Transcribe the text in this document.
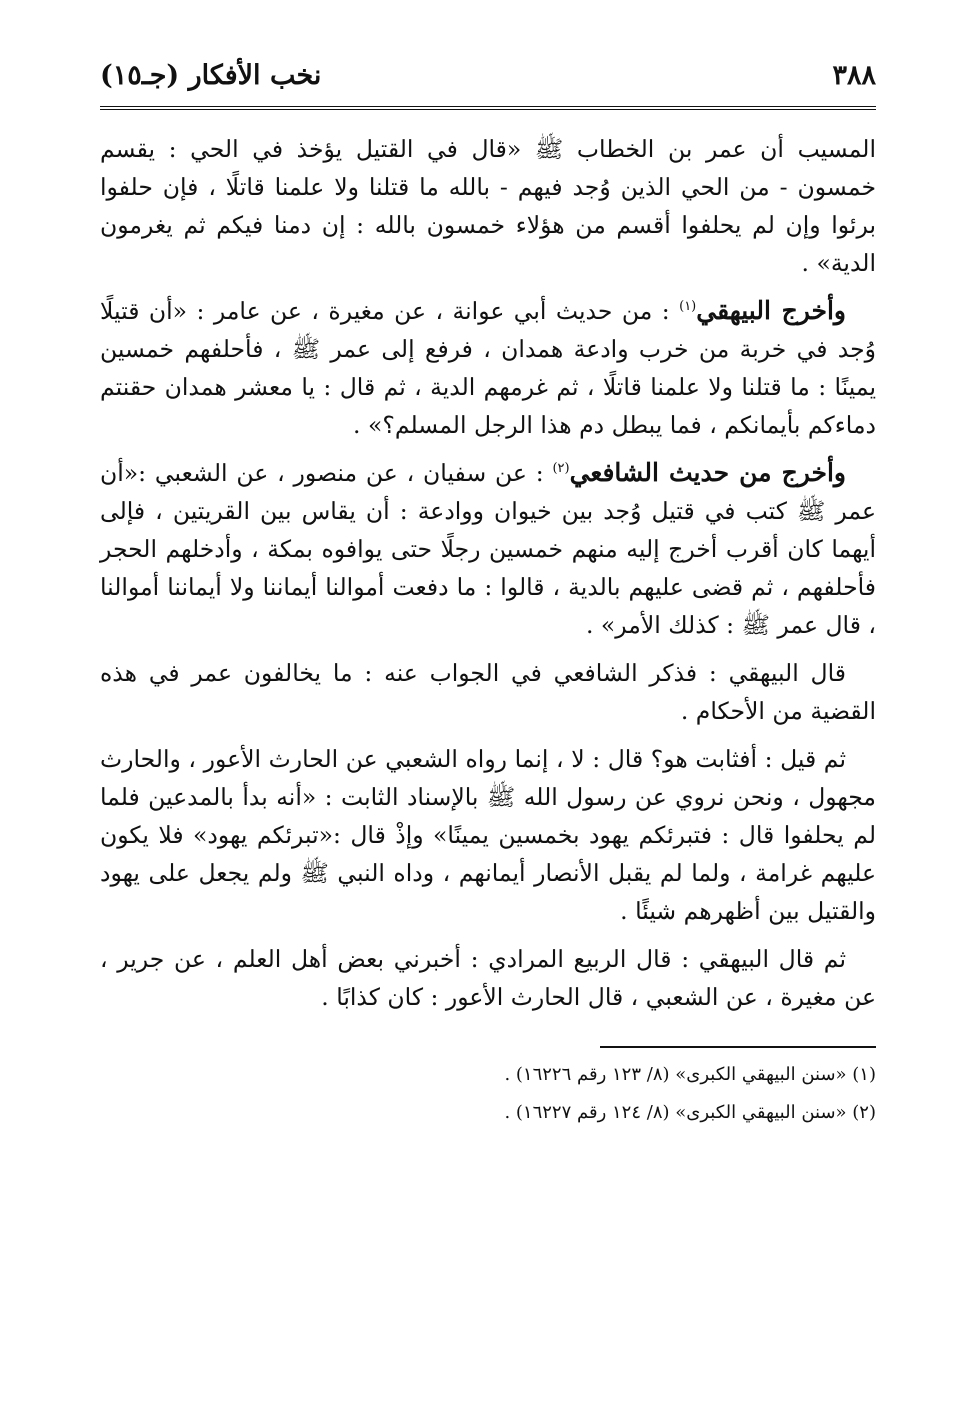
٣٨٨
نخب الأفكار (جـ١٥)

المسيب أن عمر بن الخطاب ﷺ «قال في القتيل يؤخذ في الحي : يقسم خمسون - من الحي الذين وُجد فيهم - بالله ما قتلنا ولا علمنا قاتلًا ، فإن حلفوا برئوا وإن لم يحلفوا أقسم من هؤلاء خمسون بالله : إن دمنا فيكم ثم يغرمون الدية» .

وأخرج البيهقي$^{(١)}$ : من حديث أبي عوانة ، عن مغيرة ، عن عامر : «أن قتيلًا وُجد في خربة من خرب وادعة همدان ، فرفع إلى عمر ﷺ ، فأحلفهم خمسين يمينًا : ما قتلنا ولا علمنا قاتلًا ، ثم غرمهم الدية ، ثم قال : يا معشر همدان حقنتم دماءكم بأيمانكم ، فما يبطل دم هذا الرجل المسلم؟» .

وأخرج من حديث الشافعي$^{(٢)}$ : عن سفيان ، عن منصور ، عن الشعبي :«أن عمر ﷺ كتب في قتيل وُجد بين خيوان ووادعة : أن يقاس بين القريتين ، فإلى أيهما كان أقرب أخرج إليه منهم خمسين رجلًا حتى يوافوه بمكة ، وأدخلهم الحجر فأحلفهم ، ثم قضى عليهم بالدية ، قالوا : ما دفعت أموالنا أيماننا ولا أيماننا أموالنا ، قال عمر ﷺ : كذلك الأمر» .

قال البيهقي : فذكر الشافعي في الجواب عنه : ما يخالفون عمر في هذه القضية من الأحكام .

ثم قيل : أفثابت هو؟ قال : لا ، إنما رواه الشعبي عن الحارث الأعور ، والحارث مجهول ، ونحن نروي عن رسول الله ﷺ بالإسناد الثابت : «أنه بدأ بالمدعين فلما لم يحلفوا قال : فتبرئكم يهود بخمسين يمينًا» وإذْ قال :«تبرئكم يهود» فلا يكون عليهم غرامة ، ولما لم يقبل الأنصار أيمانهم ، وداه النبي ﷺ ولم يجعل على يهود والقتيل بين أظهرهم شيئًا .

ثم قال البيهقي : قال الربيع المرادي : أخبرني بعض أهل العلم ، عن جرير ، عن مغيرة ، عن الشعبي ، قال الحارث الأعور : كان كذابًا .

(١) «سنن البيهقي الكبرى» (٨/ ١٢٣ رقم ١٦٢٢٦) .

(٢) «سنن البيهقي الكبرى» (٨/ ١٢٤ رقم ١٦٢٢٧) .
